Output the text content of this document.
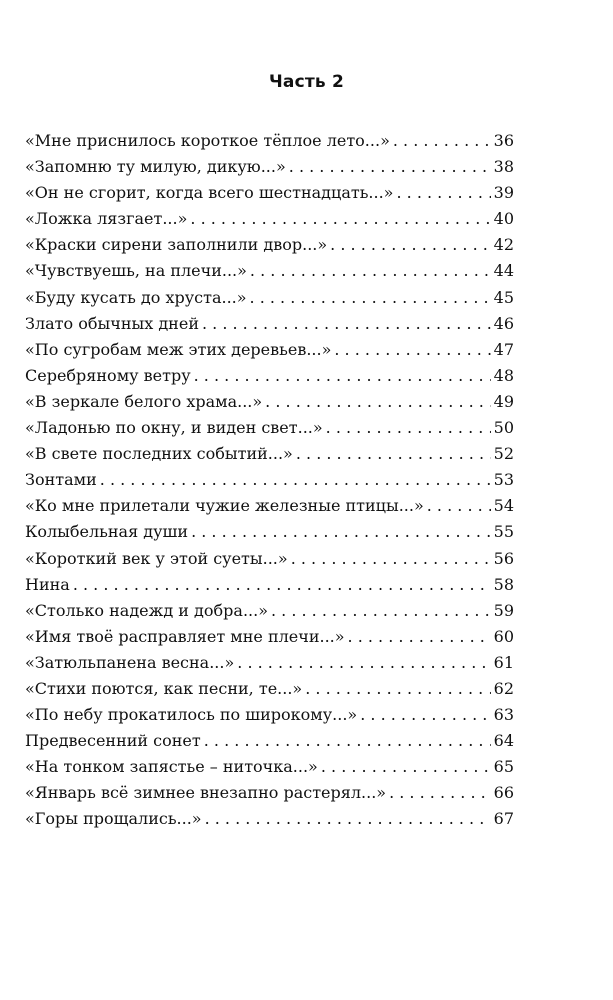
Часть 2
«Мне приснилось короткое тёплое лето...» . . .	36
«Запомню ту милую, дикую...» . . .	38
«Он не сгорит, когда всего шестнадцать...» . . .	39
«Ложка лязгает...» . . .	40
«Краски сирени заполнили двор...» . . .	42
«Чувствуешь, на плечи...» . . .	44
«Буду кусать до хруста...» . . .	45
Злато обычных дней . . .	46
«По сугробам меж этих деревьев...» . . .	47
Серебряному ветру . . .	48
«В зеркале белого храма...» . . .	49
«Ладонью по окну, и виден свет...» . . .	50
«В свете последних событий...» . . .	52
Зонтами . . .	53
«Ко мне прилетали чужие железные птицы...» . . .	54
Колыбельная души . . .	55
«Короткий век у этой суеты...» . . .	56
Нина . . .	58
«Столько надежд и добра...» . . .	59
«Имя твоё расправляет мне плечи...» . . .	60
«Затюльпанена весна...» . . .	61
«Стихи поются, как песни, те...» . . .	62
«По небу прокатилось по широкому...» . . .	63
Предвесенний сонет . . .	64
«На тонком запястье – ниточка...» . . .	65
«Январь всё зимнее внезапно растерял...» . . .	66
«Горы прощались...» . . .	67
